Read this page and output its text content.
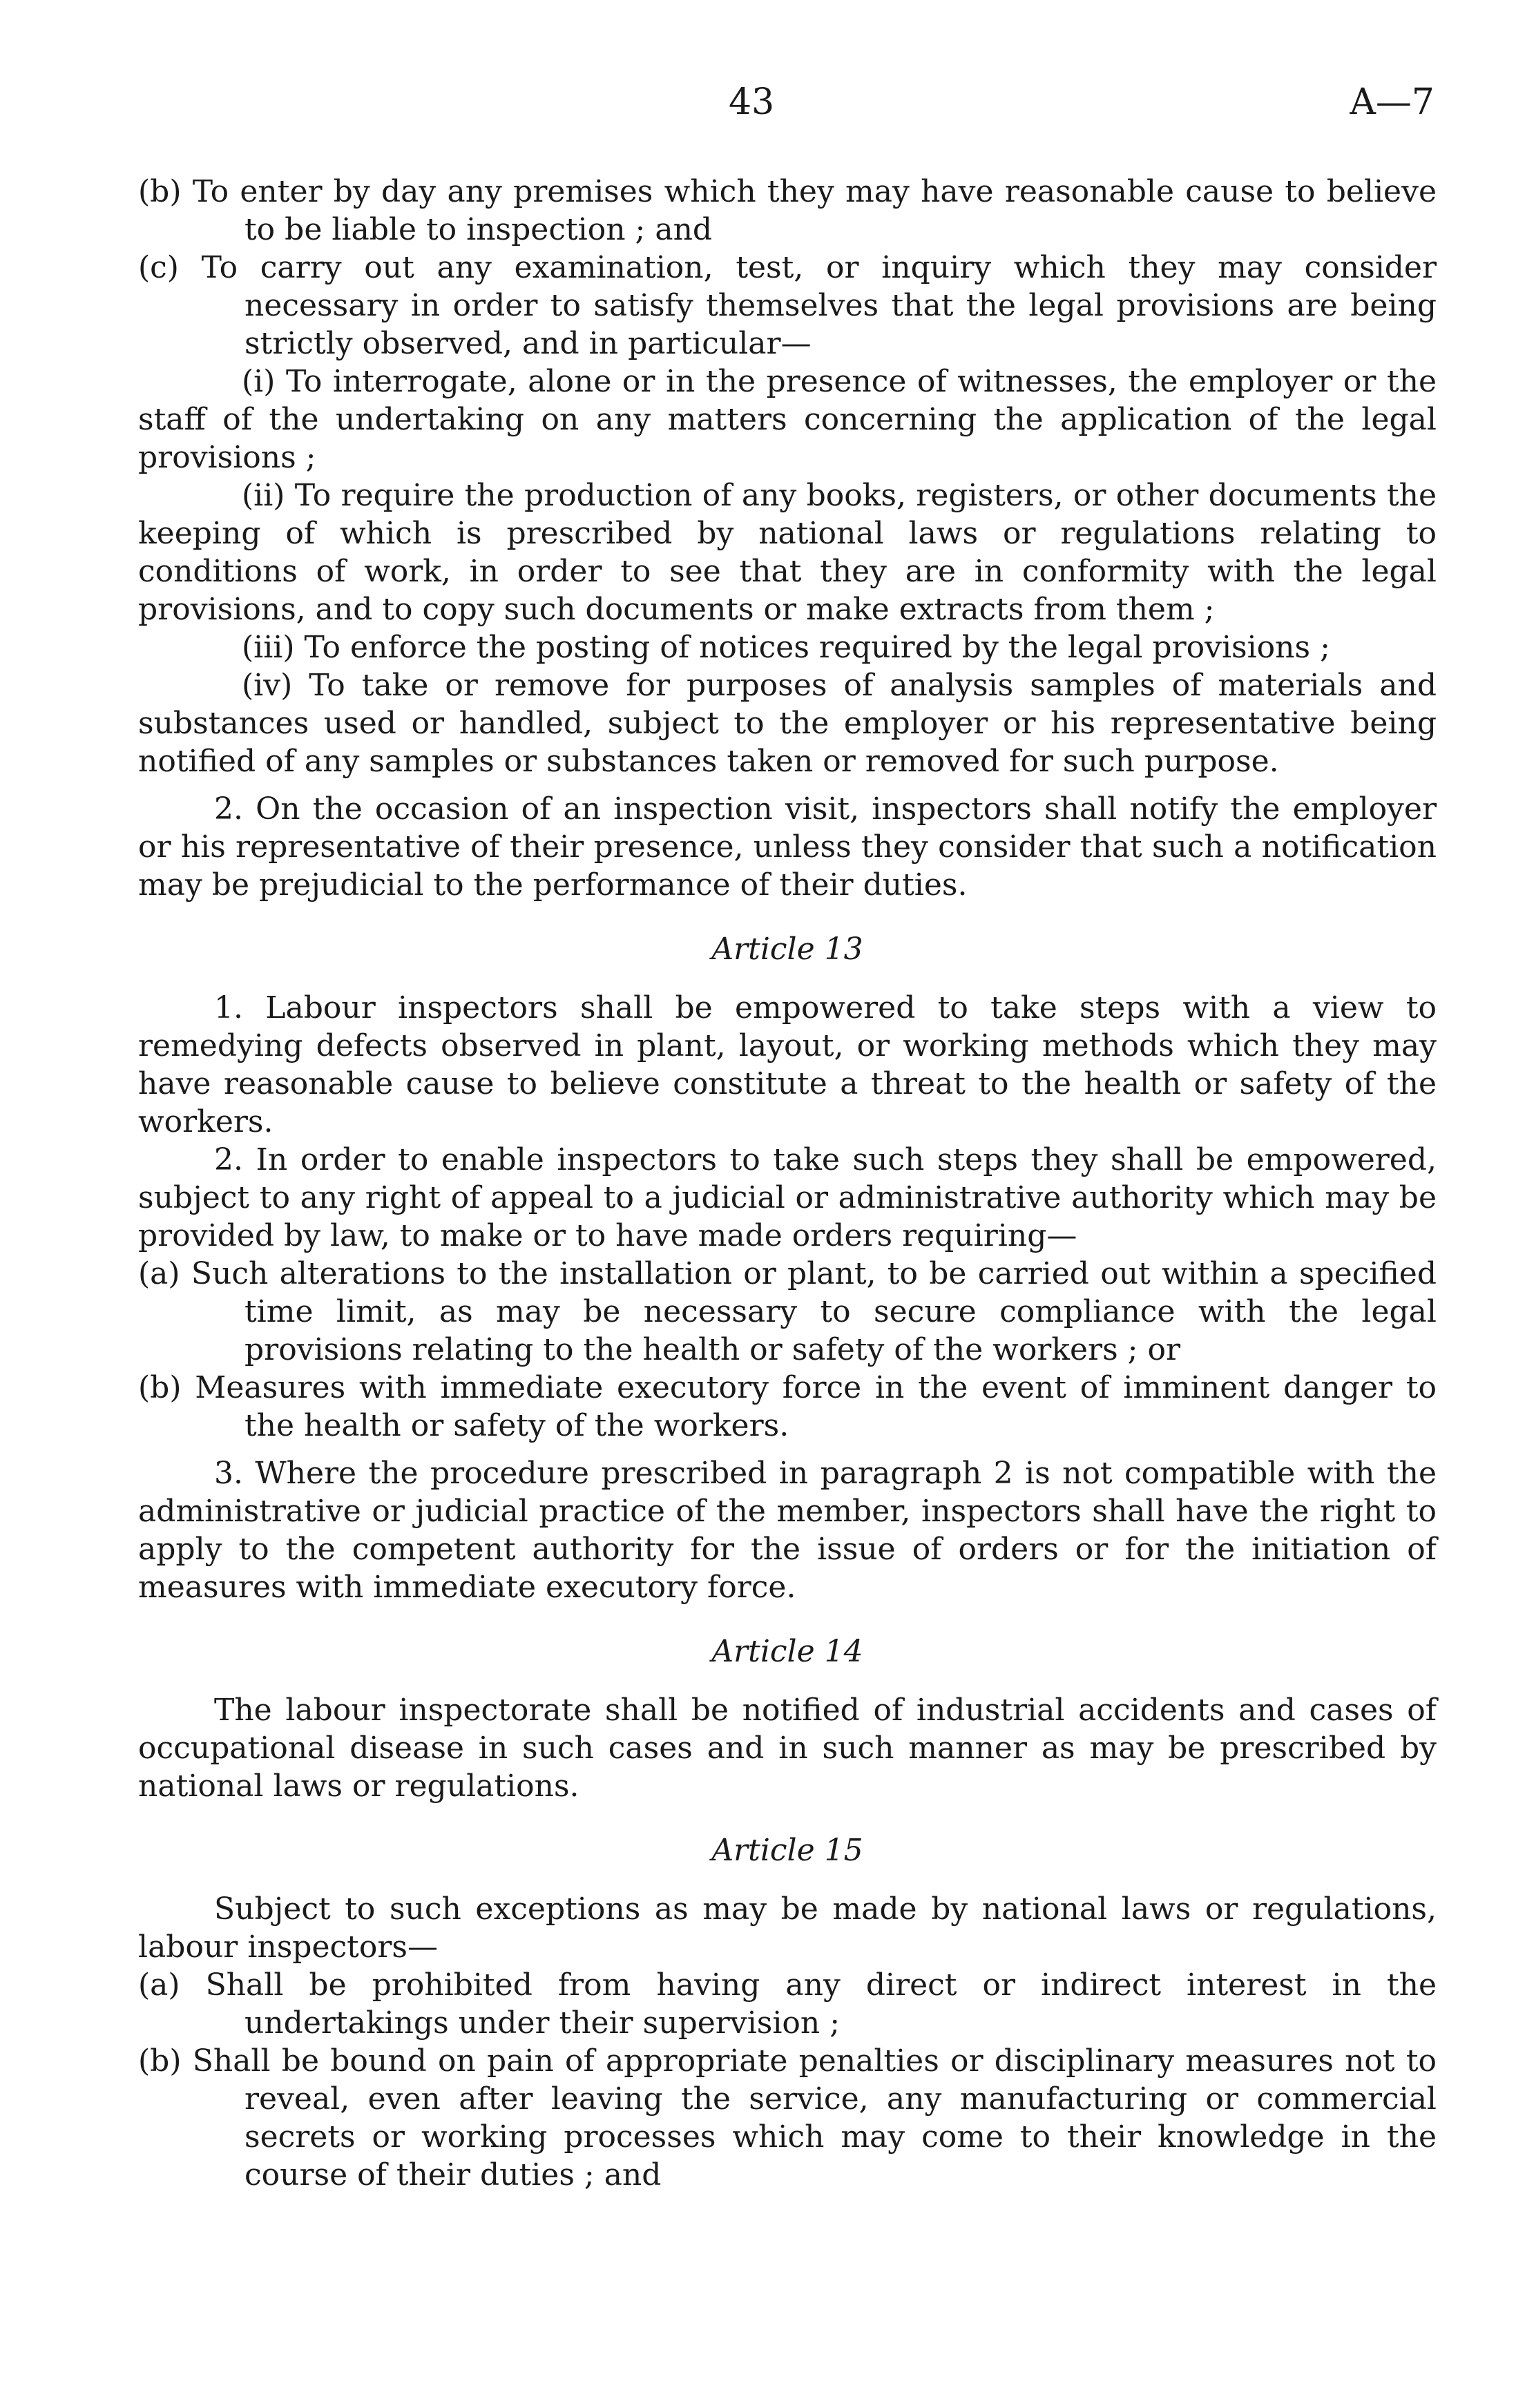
43	A—7

(b) To enter by day any premises which they may have reasonable cause to believe to be liable to inspection ; and

(c) To carry out any examination, test, or inquiry which they may consider necessary in order to satisfy themselves that the legal provisions are being strictly observed, and in particular—

(i) To interrogate, alone or in the presence of witnesses, the employer or the staff of the undertaking on any matters concerning the application of the legal provisions ;

(ii) To require the production of any books, registers, or other documents the keeping of which is prescribed by national laws or regulations relating to conditions of work, in order to see that they are in conformity with the legal provisions, and to copy such documents or make extracts from them ;

(iii) To enforce the posting of notices required by the legal provisions ;

(iv) To take or remove for purposes of analysis samples of materials and substances used or handled, subject to the employer or his representative being notified of any samples or substances taken or removed for such purpose.

2. On the occasion of an inspection visit, inspectors shall notify the employer or his representative of their presence, unless they consider that such a notification may be prejudicial to the performance of their duties.

Article 13

1. Labour inspectors shall be empowered to take steps with a view to remedying defects observed in plant, layout, or working methods which they may have reasonable cause to believe constitute a threat to the health or safety of the workers.

2. In order to enable inspectors to take such steps they shall be empowered, subject to any right of appeal to a judicial or administrative authority which may be provided by law, to make or to have made orders requiring—

(a) Such alterations to the installation or plant, to be carried out within a specified time limit, as may be necessary to secure compliance with the legal provisions relating to the health or safety of the workers ; or

(b) Measures with immediate executory force in the event of imminent danger to the health or safety of the workers.

3. Where the procedure prescribed in paragraph 2 is not compatible with the administrative or judicial practice of the member, inspectors shall have the right to apply to the competent authority for the issue of orders or for the initiation of measures with immediate executory force.

Article 14

The labour inspectorate shall be notified of industrial accidents and cases of occupational disease in such cases and in such manner as may be prescribed by national laws or regulations.

Article 15

Subject to such exceptions as may be made by national laws or regulations, labour inspectors—

(a) Shall be prohibited from having any direct or indirect interest in the undertakings under their supervision ;

(b) Shall be bound on pain of appropriate penalties or disciplinary measures not to reveal, even after leaving the service, any manufacturing or commercial secrets or working processes which may come to their knowledge in the course of their duties ; and
